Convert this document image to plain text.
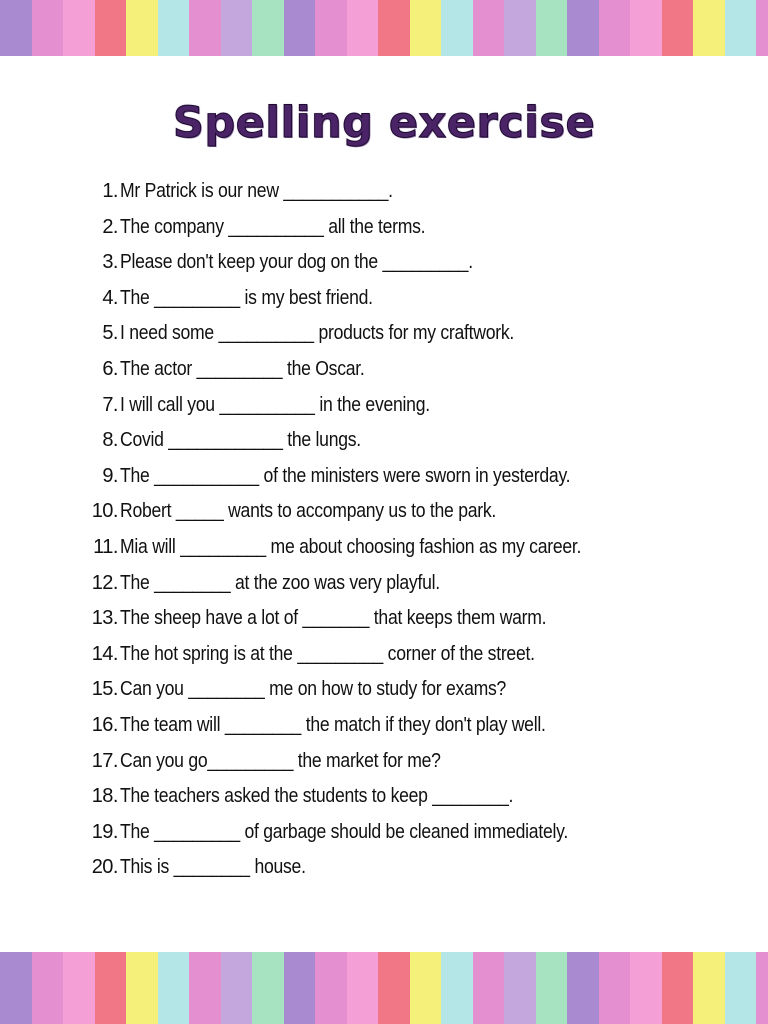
Spelling exercise
1. Mr Patrick is our new ___________.
2. The company __________ all the terms.
3. Please don't keep your dog on the _________.
4. The _________ is my best friend.
5. I need some __________ products for my craftwork.
6. The actor _________ the Oscar.
7. I will call you __________ in the evening.
8. Covid ____________ the lungs.
9. The ___________ of the ministers were sworn in yesterday.
10. Robert _____ wants to accompany us to the park.
11. Mia will _________ me about choosing fashion as my career.
12. The ________ at the zoo was very playful.
13. The sheep have a lot of _______ that keeps them warm.
14. The hot spring is at the _________ corner of the street.
15. Can you ________ me on how to study for exams?
16. The team will ________ the match if they don't play well.
17. Can you go_________ the market for me?
18. The teachers asked the students to keep ________.
19. The _________ of garbage should be cleaned immediately.
20. This is ________ house.
